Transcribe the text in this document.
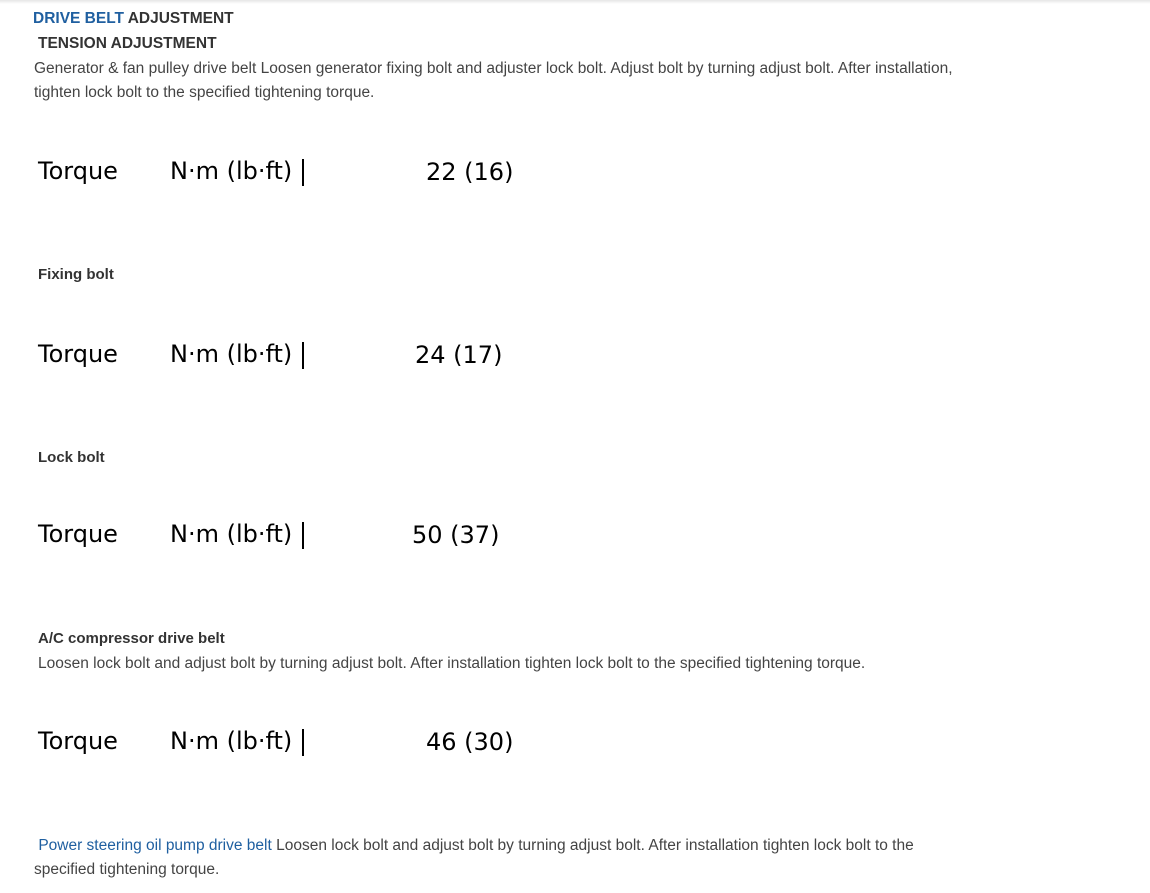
DRIVE BELT ADJUSTMENT
TENSION ADJUSTMENT
Generator & fan pulley drive belt Loosen generator fixing bolt and adjuster lock bolt. Adjust bolt by turning adjust bolt. After installation,
tighten lock bolt to the specified tightening torque.
Torque N·m (lb·ft)	22 (16)
Fixing bolt
Torque N·m (lb·ft)	24 (17)
Lock bolt
Torque N·m (lb·ft)	50 (37)
A/C compressor drive belt
Loosen lock bolt and adjust bolt by turning adjust bolt. After installation tighten lock bolt to the specified tightening torque.
Torque N·m (lb·ft)	46 (30)
Power steering oil pump drive belt Loosen lock bolt and adjust bolt by turning adjust bolt. After installation tighten lock bolt to the
specified tightening torque.
